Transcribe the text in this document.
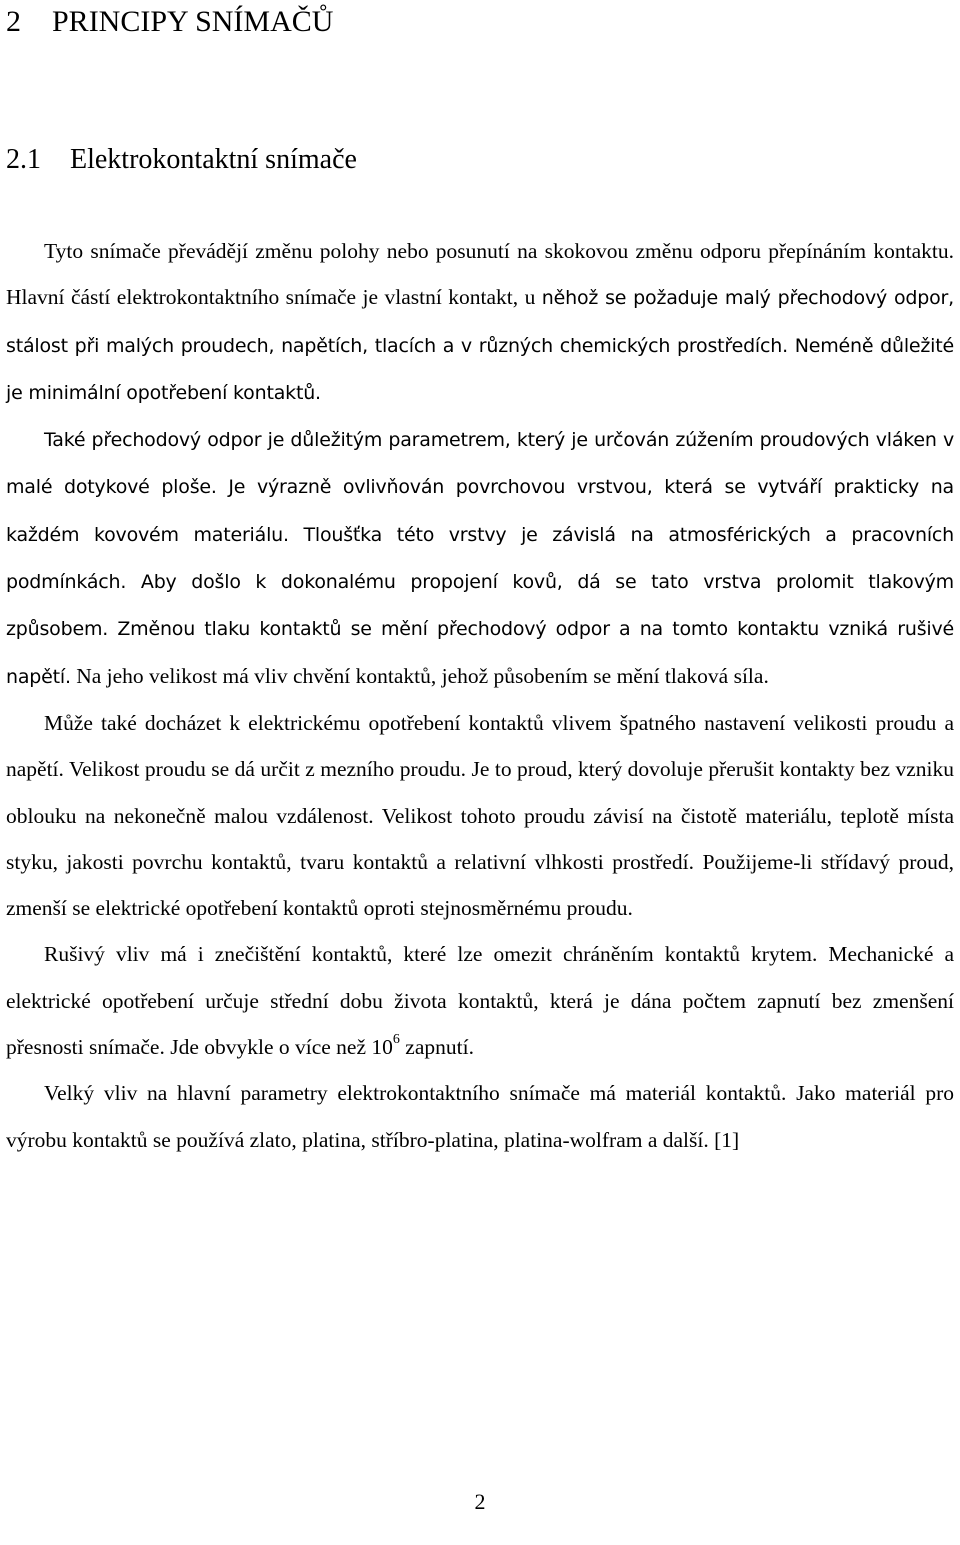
2 PRINCIPY SNÍMAČŮ
2.1 Elektrokontaktní snímače

Tyto snímače převádějí změnu polohy nebo posunutí na skokovou změnu odporu přepínáním kontaktu. Hlavní částí elektrokontaktního snímače je vlastní kontakt, u něhož se požaduje malý přechodový odpor, stálost při malých proudech, napětích, tlacích a v různých chemických prostředích. Neméně důležité je minimální opotřebení kontaktů.

Také přechodový odpor je důležitým parametrem, který je určován zúžením proudových vláken v malé dotykové ploše. Je výrazně ovlivňován povrchovou vrstvou, která se vytváří prakticky na každém kovovém materiálu. Tloušťka této vrstvy je závislá na atmosférických a pracovních podmínkách. Aby došlo k dokonalému propojení kovů, dá se tato vrstva prolomit tlakovým způsobem. Změnou tlaku kontaktů se mění přechodový odpor a na tomto kontaktu vzniká rušivé napětí. Na jeho velikost má vliv chvění kontaktů, jehož působením se mění tlaková síla.

Může také docházet k elektrickému opotřebení kontaktů vlivem špatného nastavení velikosti proudu a napětí. Velikost proudu se dá určit z mezního proudu. Je to proud, který dovoluje přerušit kontakty bez vzniku oblouku na nekonečně malou vzdálenost. Velikost tohoto proudu závisí na čistotě materiálu, teplotě místa styku, jakosti povrchu kontaktů, tvaru kontaktů a relativní vlhkosti prostředí. Použijeme-li střídavý proud, zmenší se elektrické opotřebení kontaktů oproti stejnosměrnému proudu.

Rušivý vliv má i znečištění kontaktů, které lze omezit chráněním kontaktů krytem. Mechanické a elektrické opotřebení určuje střední dobu života kontaktů, která je dána počtem zapnutí bez zmenšení přesnosti snímače. Jde obvykle o více než $10^6$ zapnutí.

Velký vliv na hlavní parametry elektrokontaktního snímače má materiál kontaktů. Jako materiál pro výrobu kontaktů se používá zlato, platina, stříbro-platina, platina-wolfram a další. [1]

2
